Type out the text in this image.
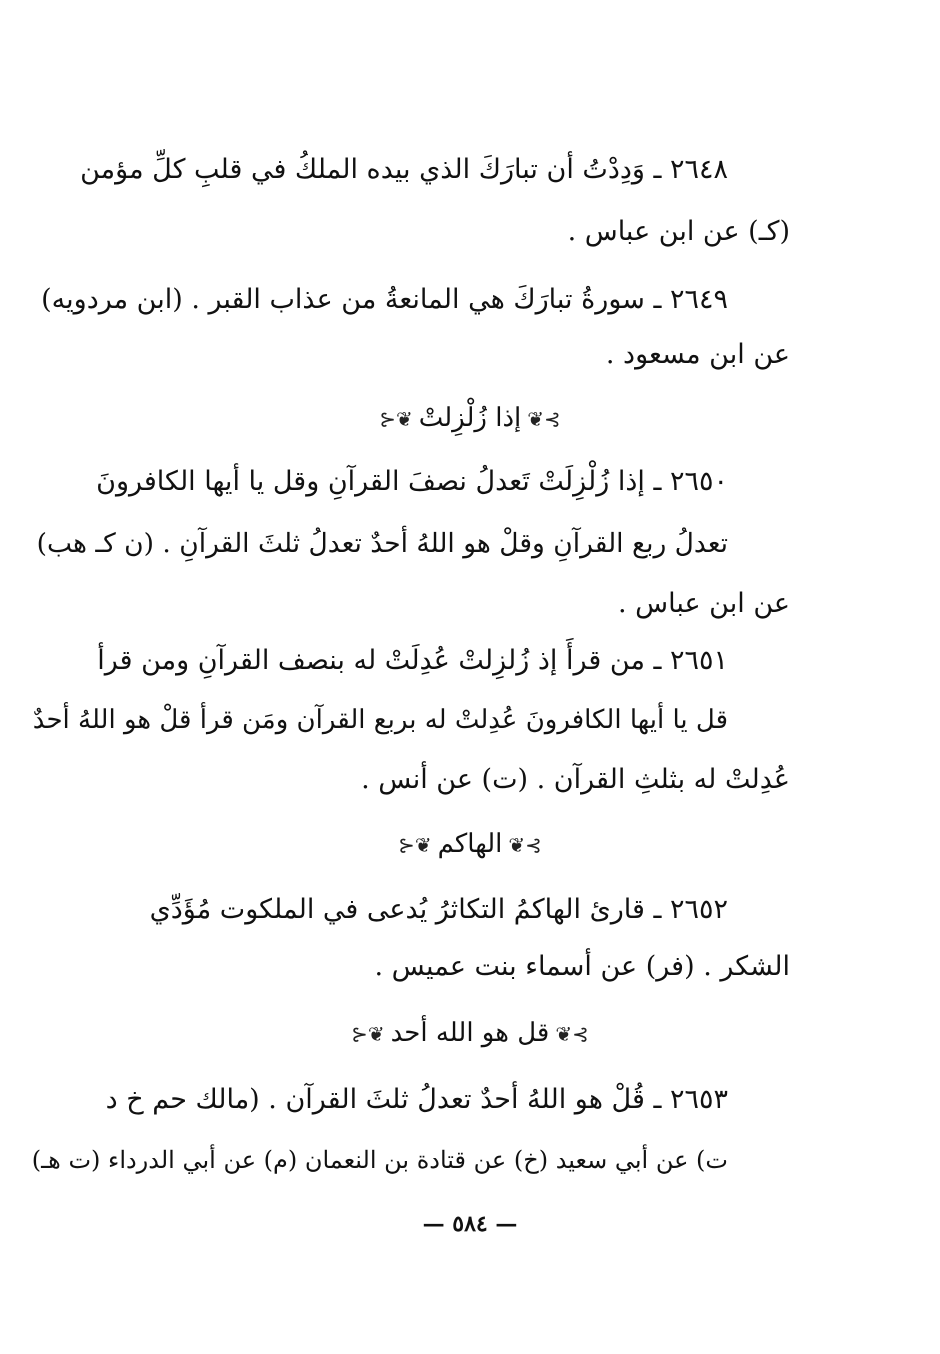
٢٦٤٨ ـ وَدِدْتُ أن تبارَكَ الذي بيده الملكُ في قلبِ كلِّ مؤمن
(كـ) عن ابن عباس .
٢٦٤٩ ـ سورةُ تبارَكَ هي المانعةُ من عذاب القبر . (ابن مردويه)
عن ابن مسعود .
⊱❦إذا زُلْزِلتْ❦⊰
٢٦٥٠ ـ إذا زُلْزِلَتْ تَعدلُ نصفَ القرآنِ وقل يا أيها الكافرونَ
تعدلُ ربع القرآنِ وقلْ هو اللهُ أحدٌ تعدلُ ثلثَ القرآنِ . (ن كـ هب)
عن ابن عباس .
٢٦٥١ ـ من قرأَ إذ زُلزِلتْ عُدِلَتْ له بنصف القرآنِ ومن قرأ
قل يا أيها الكافرونَ عُدِلتْ له بربع القرآن ومَن قرأ قلْ هو اللهُ أحدٌ
عُدِلتْ له بثلثِ القرآن . (ت) عن أنس .
⊱❦الهاكم❦⊰
٢٦٥٢ ـ قارئ الهاكمُ التكاثرُ يُدعى في الملكوت مُؤَدِّي
الشكر . (فر) عن أسماء بنت عميس .
⊱❦قل هو الله أحد❦⊰
٢٦٥٣ ـ قُلْ هو اللهُ أحدٌ تعدلُ ثلثَ القرآن . (مالك حم خ د
ت) عن أبي سعيد (خ) عن قتادة بن النعمان (م) عن أبي الدرداء (ت هـ)
— ٥٨٤ —
